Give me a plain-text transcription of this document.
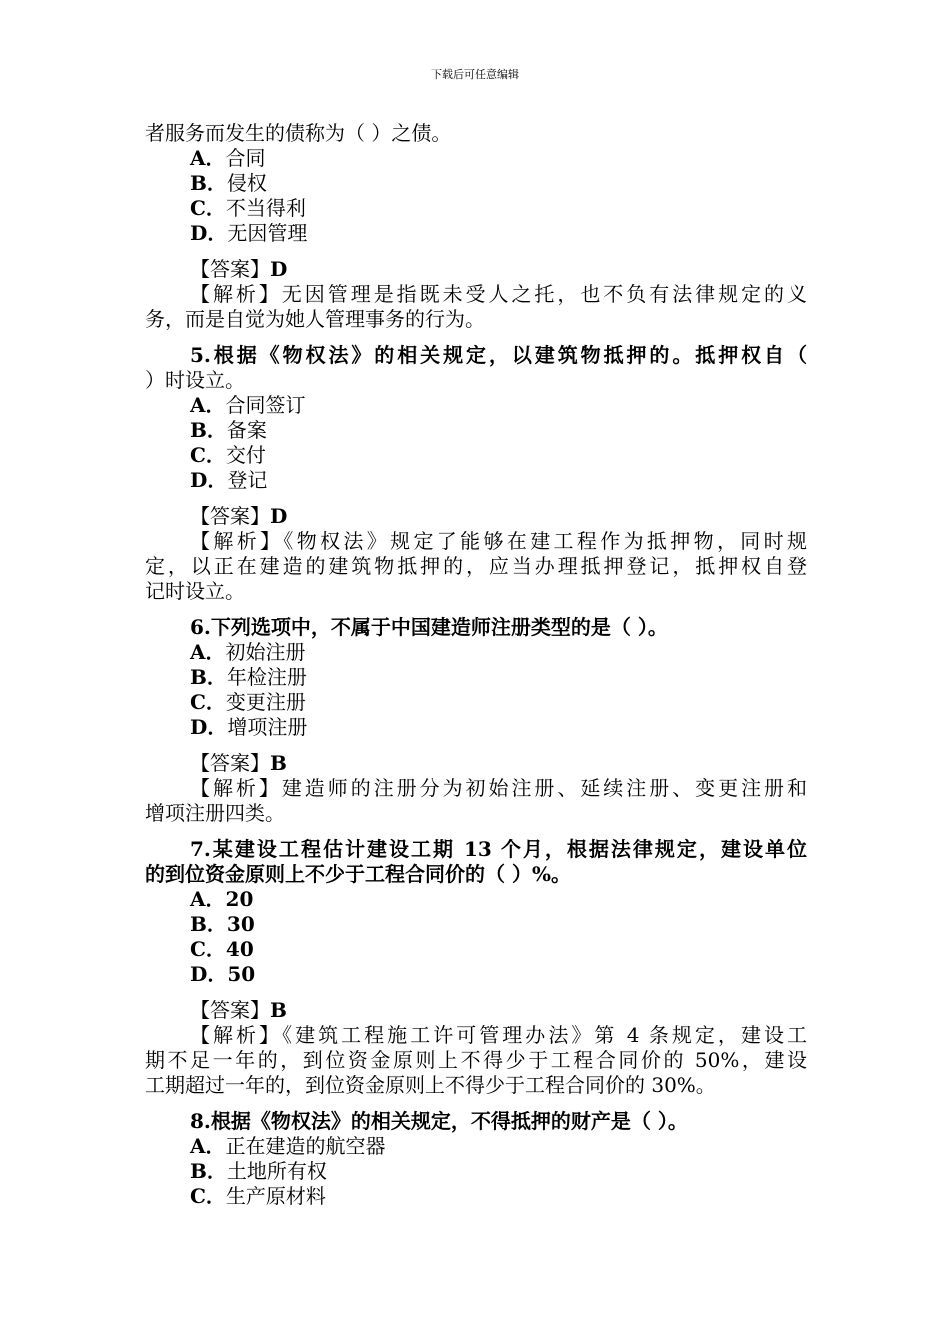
下载后可任意编辑
者服务而发生的债称为（ ）之债。
A．合同
B．侵权
C．不当得利
D．无因管理
【答案】D
【解析】无因管理是指既未受人之托，也不负有法律规定的义
务，而是自觉为她人管理事务的行为。
5.根据《物权法》的相关规定，以建筑物抵押的。抵押权自（
）时设立。
A．合同签订
B．备案
C．交付
D．登记
【答案】D
【解析】《物权法》规定了能够在建工程作为抵押物，同时规
定，以正在建造的建筑物抵押的，应当办理抵押登记，抵押权自登
记时设立。
6.下列选项中，不属于中国建造师注册类型的是（ ）。
A．初始注册
B．年检注册
C．变更注册
D．增项注册
【答案】B
【解析】建造师的注册分为初始注册、延续注册、变更注册和
增项注册四类。
7.某建设工程估计建设工期 13 个月，根据法律规定，建设单位
的到位资金原则上不少于工程合同价的（ ）%。
A．20
B．30
C．40
D．50
【答案】B
【解析】《建筑工程施工许可管理办法》第 4 条规定，建设工
期不足一年的，到位资金原则上不得少于工程合同价的 50%，建设
工期超过一年的，到位资金原则上不得少于工程合同价的 30%。
8.根据《物权法》的相关规定，不得抵押的财产是（ ）。
A．正在建造的航空器
B．土地所有权
C．生产原材料
